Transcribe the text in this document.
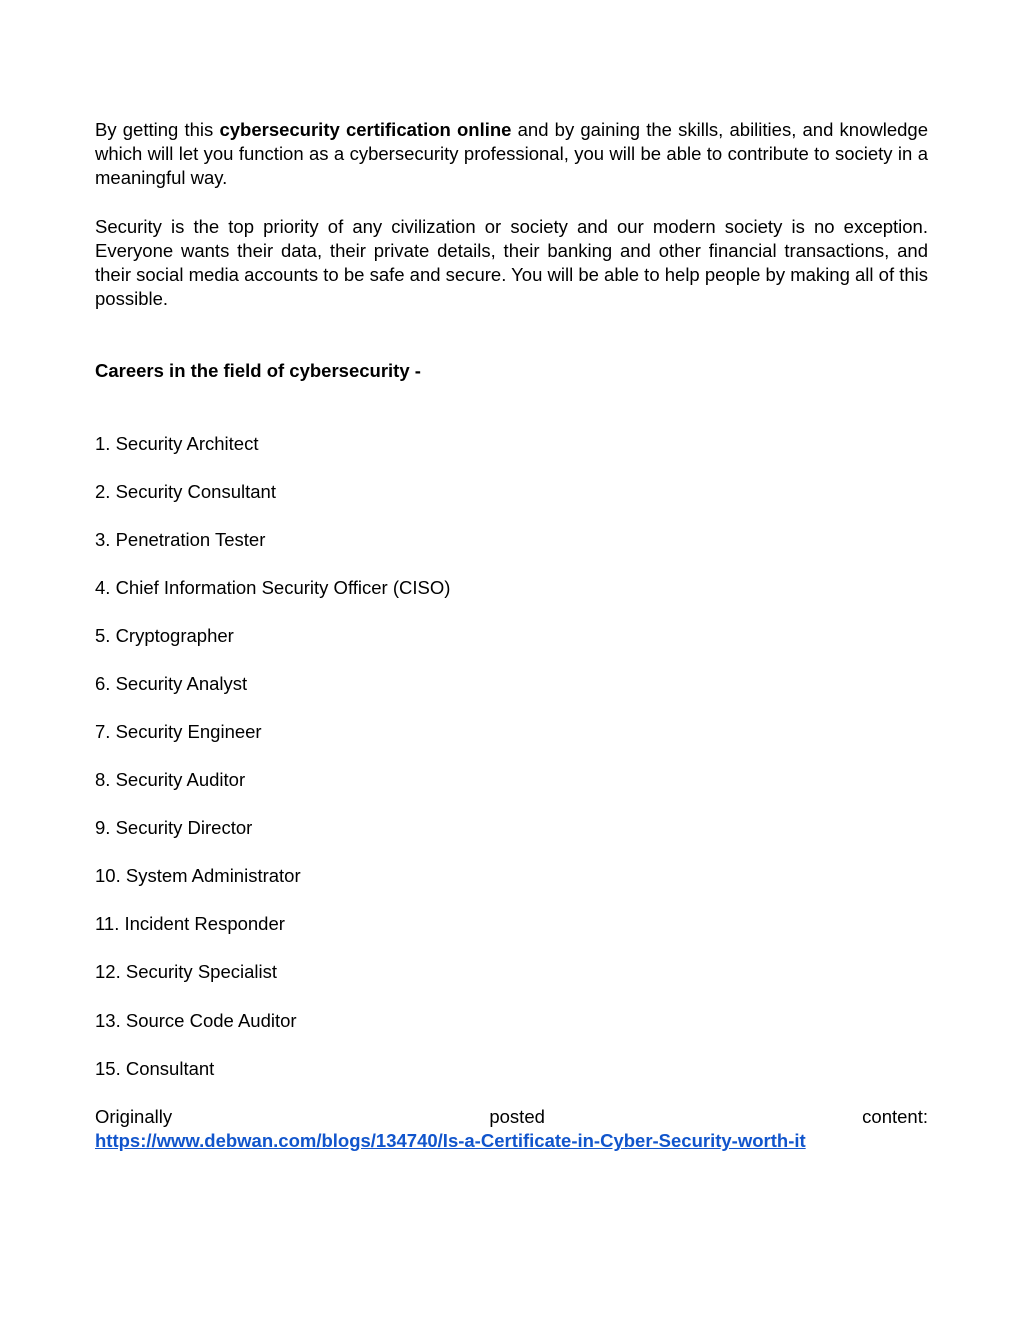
By getting this cybersecurity certification online and by gaining the skills, abilities, and knowledge which will let you function as a cybersecurity professional, you will be able to contribute to society in a meaningful way.

Security is the top priority of any civilization or society and our modern society is no exception. Everyone wants their data, their private details, their banking and other financial transactions, and their social media accounts to be safe and secure. You will be able to help people by making all of this possible.

Careers in the field of cybersecurity -

1. Security Architect
2. Security Consultant
3. Penetration Tester
4. Chief Information Security Officer (CISO)
5. Cryptographer
6. Security Analyst
7. Security Engineer
8. Security Auditor
9. Security Director
10. System Administrator
11. Incident Responder
12. Security Specialist
13. Source Code Auditor
15. Consultant

Originally	posted	content:

https://www.debwan.com/blogs/134740/Is-a-Certificate-in-Cyber-Security-worth-it
